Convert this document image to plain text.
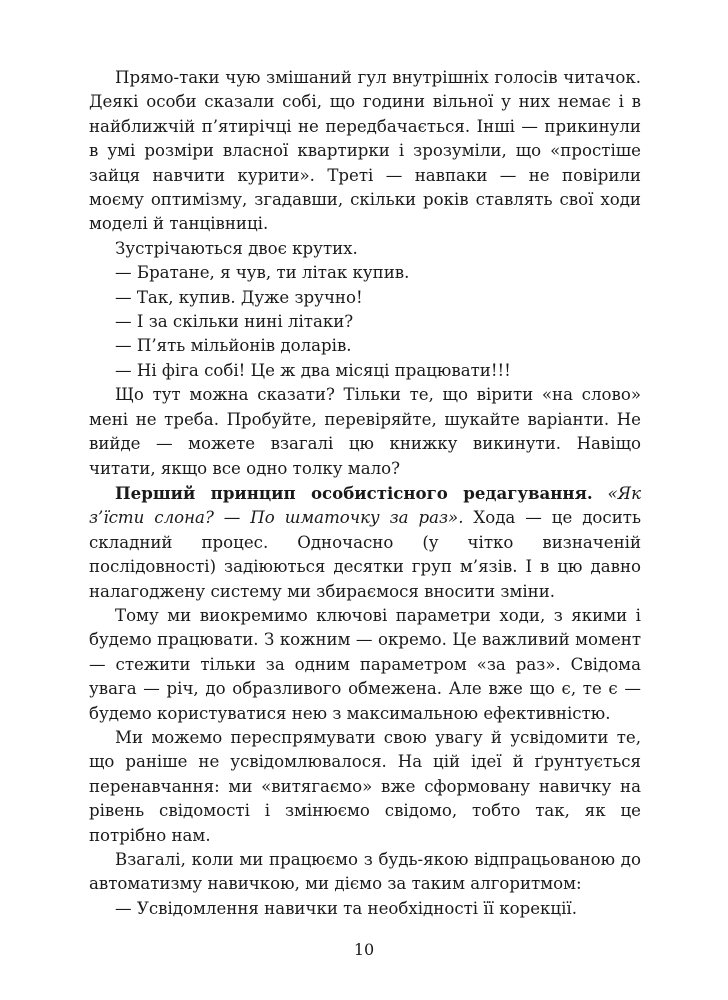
Прямо-таки чую змішаний гул внутрішніх голосів читачок. Деякі особи сказали собі, що години вільної у них немає і в найближчій п’ятирічці не передбачається. Інші — прикинули в умі розміри власної квартирки і зрозуміли, що «простіше зайця навчити курити». Треті — навпаки — не повірили моєму оптимізму, згадавши, скільки років ставлять свої ходи моделі й танцівниці.

Зустрічаються двоє крутих.

— Братане, я чув, ти літак купив.

— Так, купив. Дуже зручно!

— І за скільки нині літаки?

— П’ять мільйонів доларів.

— Ні фіга собі! Це ж два місяці працювати!!!

Що тут можна сказати? Тільки те, що вірити «на слово» мені не треба. Пробуйте, перевіряйте, шукайте варіанти. Не вийде — можете взагалі цю книжку викинути. Навіщо читати, якщо все одно толку мало?

Перший принцип особистісного редагування. «Як з’їсти слона? — По шматочку за раз». Хода — це досить складний процес. Одночасно (у чітко визначеній послідовності) задіюються десятки груп м’язів. І в цю давно налагоджену систему ми збираємося вносити зміни.

Тому ми виокремимо ключові параметри ходи, з якими і будемо працювати. З кожним — окремо. Це важливий момент — стежити тільки за одним параметром «за раз». Свідома увага — річ, до образливого обмежена. Але вже що є, те є — будемо користуватися нею з максимальною ефективністю.

Ми можемо переспрямувати свою увагу й усвідомити те, що раніше не усвідомлювалося. На цій ідеї й ґрунтується перенавчання: ми «витягаємо» вже сформовану навичку на рівень свідомості і змінюємо свідомо, тобто так, як це потрібно нам.

Взагалі, коли ми працюємо з будь-якою відпрацьованою до автоматизму навичкою, ми діємо за таким алгоритмом:

— Усвідомлення навички та необхідності її корекції.

10
